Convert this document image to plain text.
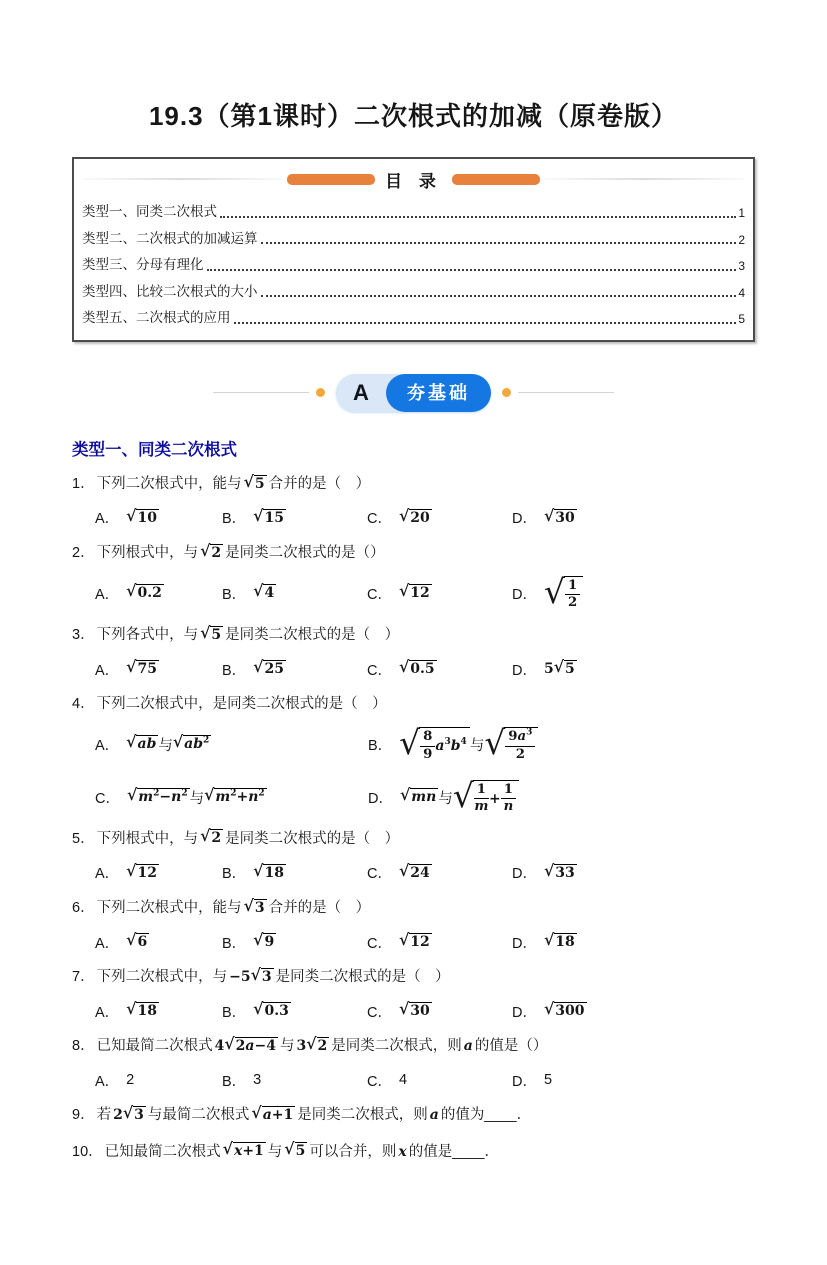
19.3（第1课时）二次根式的加减（原卷版）
目 录
类型一、同类二次根式	1
类型二、二次根式的加减运算	2
类型三、分母有理化	3
类型四、比较二次根式的大小	4
类型五、二次根式的应用	5
A	夯基础
类型一、同类二次根式
1． 下列二次根式中，能与 √ 5 合并的是（　）
A． √ 10	B． √ 15	C． √ 20	D． √ 30
2． 下列根式中，与 √ 2 是同类二次根式的是（）
A． √ 0.2	B． √ 4	C． √ 12	D． √ $\frac{1}{2}$
3． 下列各式中，与 √ 5 是同类二次根式的是（　）
A． √ 75	B． √ 25	C． √ 0.5	D． 5 √ 5
4． 下列二次根式中，是同类二次根式的是（　）
A． √ ab 与 √ $ab^2$	B． √ $\frac{8}{9} a^3b^4$ 与 √ $\frac{9a^3}{2}$
C． √ $m^2-n^2$ 与 √ $m^2+n^2$	D． √ mn 与 √ $\frac{1}{m} + \frac{1}{n}$
5． 下列根式中，与 √ 2 是同类二次根式的是（　）
A． √ 12	B． √ 18	C． √ 24	D． √ 33
6． 下列二次根式中，能与 √ 3 合并的是（　）
A． √ 6	B． √ 9	C． √ 12	D． √ 18
7． 下列二次根式中，与 −5 √ 3 是同类二次根式的是（　）
A． √ 18	B． √ 0.3	C． √ 30	D． √ 300
8． 已知最简二次根式 4 √ 2a−4 与 3 √ 2 是同类二次根式，则 a 的值是（）
A． 2	B． 3	C． 4	D． 5
9． 若 2 √ 3 与最简二次根式 √ a+1 是同类二次根式，则 a 的值为____．
10． 已知最简二次根式 √ x+1 与 √ 5 可以合并，则 x 的值是____．
